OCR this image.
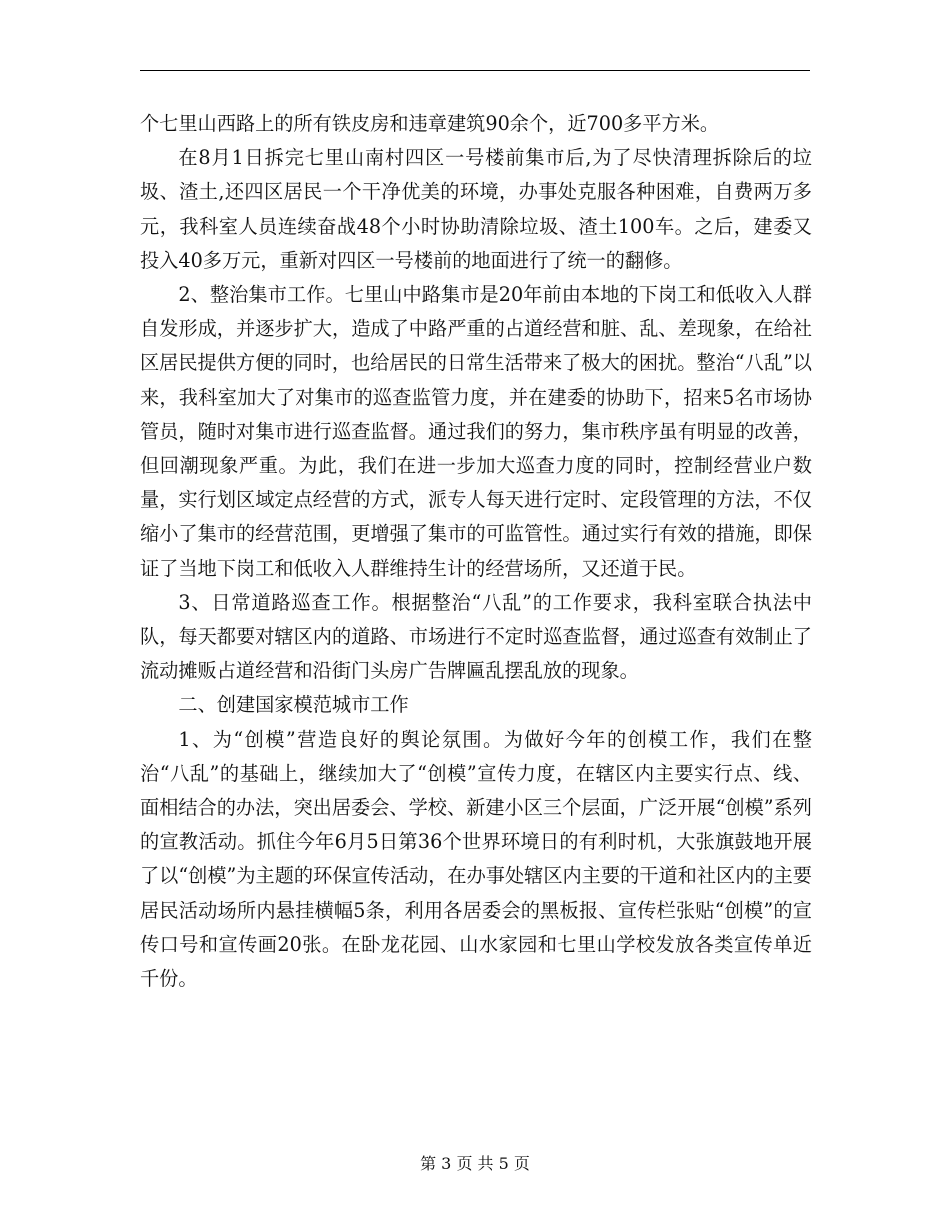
个七里山西路上的所有铁皮房和违章建筑90余个，近700多平方米。

在8月1日拆完七里山南村四区一号楼前集市后,为了尽快清理拆除后的垃圾、渣土,还四区居民一个干净优美的环境，办事处克服各种困难，自费两万多元，我科室人员连续奋战48个小时协助清除垃圾、渣土100车。之后，建委又投入40多万元，重新对四区一号楼前的地面进行了统一的翻修。

2、整治集市工作。七里山中路集市是20年前由本地的下岗工和低收入人群自发形成，并逐步扩大，造成了中路严重的占道经营和脏、乱、差现象，在给社区居民提供方便的同时，也给居民的日常生活带来了极大的困扰。整治“八乱”以来，我科室加大了对集市的巡查监管力度，并在建委的协助下，招来5名市场协管员，随时对集市进行巡查监督。通过我们的努力，集市秩序虽有明显的改善，但回潮现象严重。为此，我们在进一步加大巡查力度的同时，控制经营业户数量，实行划区域定点经营的方式，派专人每天进行定时、定段管理的方法，不仅缩小了集市的经营范围，更增强了集市的可监管性。通过实行有效的措施，即保证了当地下岗工和低收入人群维持生计的经营场所，又还道于民。

3、日常道路巡查工作。根据整治“八乱”的工作要求，我科室联合执法中队，每天都要对辖区内的道路、市场进行不定时巡查监督，通过巡查有效制止了流动摊贩占道经营和沿街门头房广告牌匾乱摆乱放的现象。

二、创建国家模范城市工作

1、为“创模”营造良好的舆论氛围。为做好今年的创模工作，我们在整治“八乱”的基础上，继续加大了“创模”宣传力度，在辖区内主要实行点、线、面相结合的办法，突出居委会、学校、新建小区三个层面，广泛开展“创模”系列的宣教活动。抓住今年6月5日第36个世界环境日的有利时机，大张旗鼓地开展了以“创模”为主题的环保宣传活动，在办事处辖区内主要的干道和社区内的主要居民活动场所内悬挂横幅5条，利用各居委会的黑板报、宣传栏张贴“创模”的宣传口号和宣传画20张。在卧龙花园、山水家园和七里山学校发放各类宣传单近千份。

第 3 页 共 5 页
